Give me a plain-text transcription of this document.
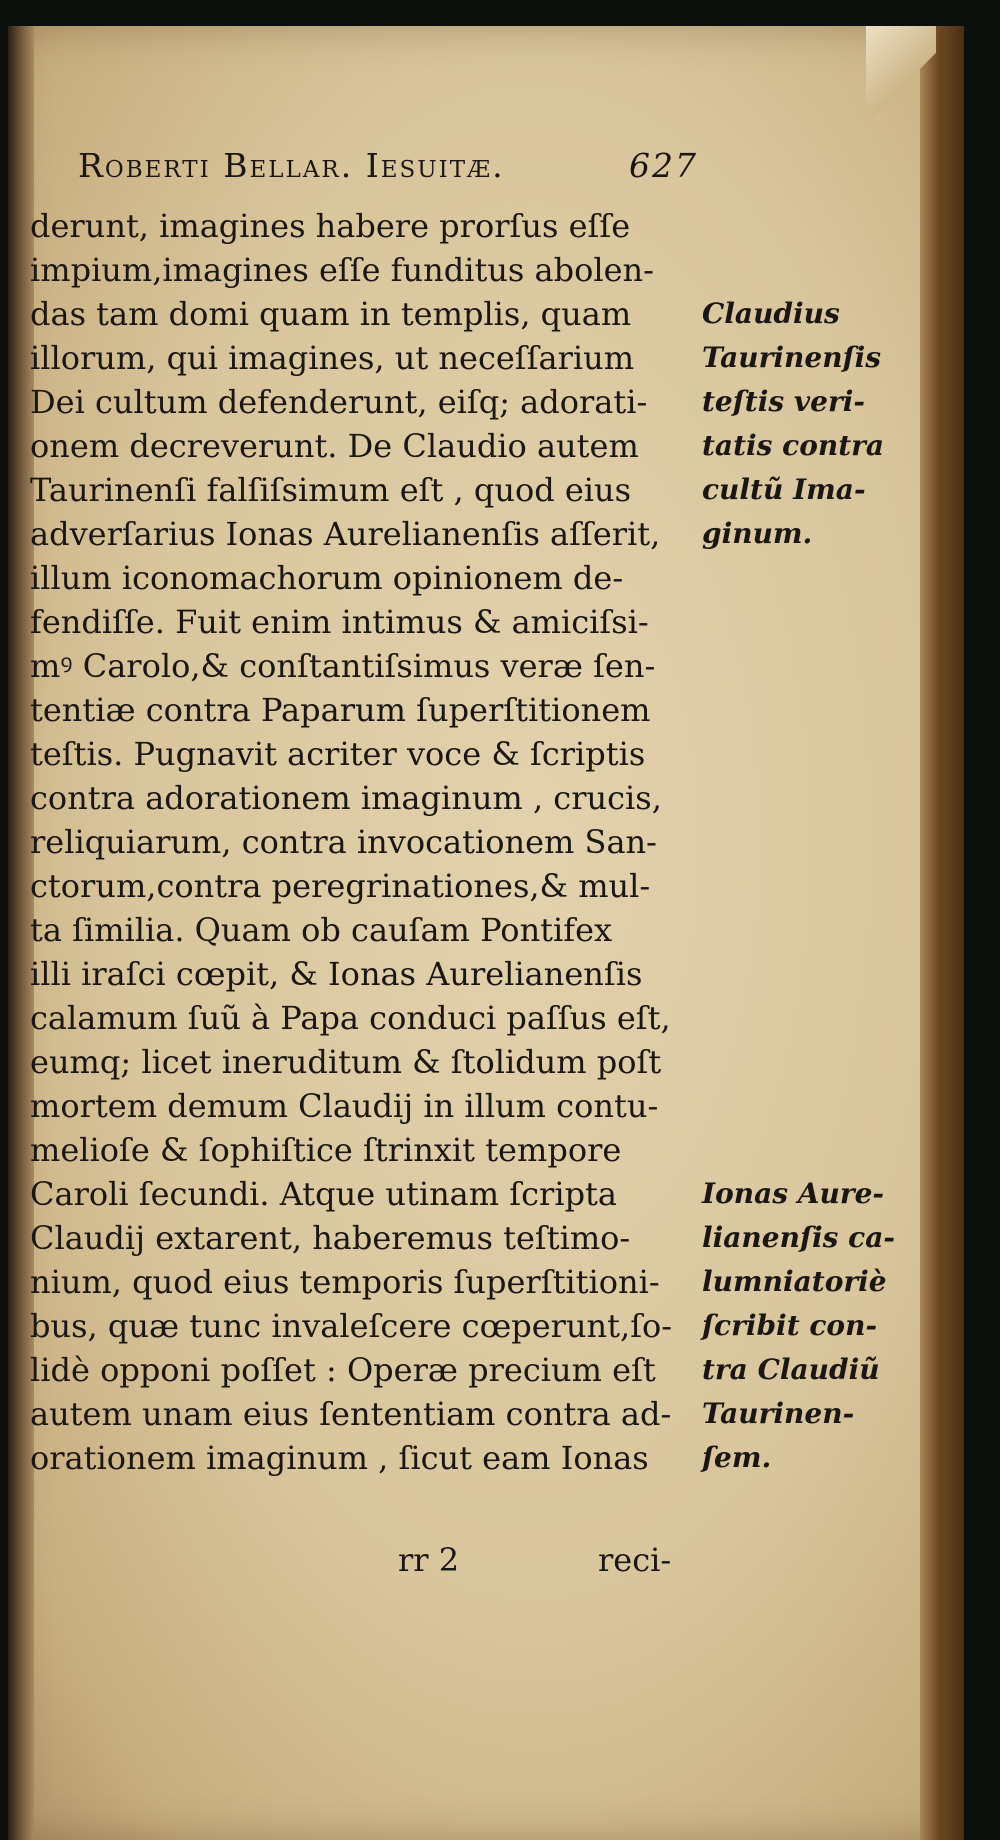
Roberti Bellar. Iesuitæ.	627
derunt, imagines habere prorſus eſſe
impium,imagines eſſe funditus abolen-
das tam domi quam in templis, quam
illorum, qui imagines, ut neceſſarium
Dei cultum defenderunt, eiſq; adorati-
onem decreverunt. De Claudio autem
Taurinenſi falſiſsimum eſt , quod eius
adverſarius Ionas Aurelianenſis aſſerit,
illum iconomachorum opinionem de-
fendiſſe. Fuit enim intimus & amiciſsi-
mꝰ Carolo,& conſtantiſsimus veræ ſen-
tentiæ contra Paparum ſuperſtitionem
teſtis. Pugnavit acriter voce & ſcriptis
contra adorationem imaginum , crucis,
reliquiarum, contra invocationem San-
ctorum,contra peregrinationes,& mul-
ta ſimilia. Quam ob cauſam Pontifex
illi iraſci cœpit, & Ionas Aurelianenſis
calamum ſuũ à Papa conduci paſſus eſt,
eumq; licet ineruditum & ſtolidum poſt
mortem demum Claudij in illum contu-
melioſe & ſophiſtice ſtrinxit tempore
Caroli ſecundi. Atque utinam ſcripta
Claudij extarent, haberemus teſtimo-
nium, quod eius temporis ſuperſtitioni-
bus, quæ tunc invaleſcere cœperunt,ſo-
lidè opponi poſſet : Operæ precium eſt
autem unam eius ſententiam contra ad-
orationem imaginum , ſicut eam Ionas
Claudius
Taurinenſis
teſtis veri-
tatis contra
cultũ Ima-
ginum.
Ionas Aure-
lianenſis ca-
lumniatoriè
ſcribit con-
tra Claudiũ
Taurinen-
ſem.
rr 2	reci-
